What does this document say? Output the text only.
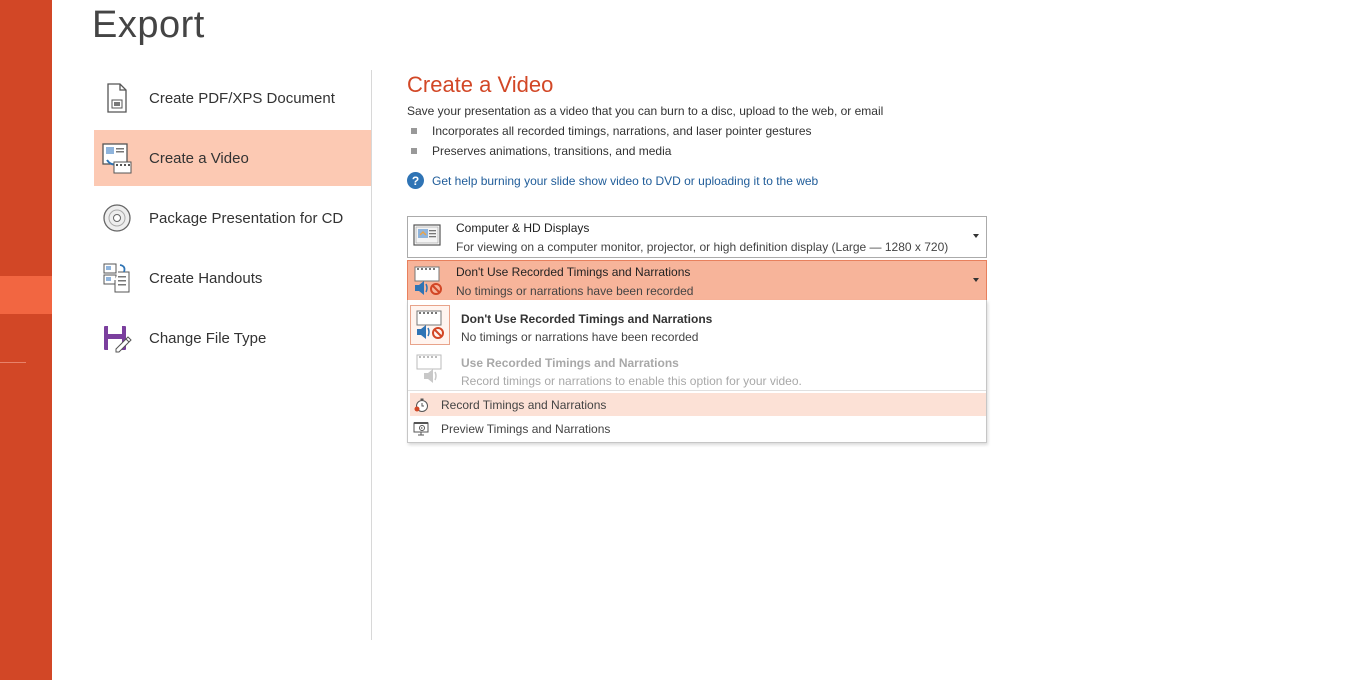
Export
Create PDF/XPS Document
Create a Video
Package Presentation for CD
Create Handouts
Change File Type
Create a Video
Save your presentation as a video that you can burn to a disc, upload to the web, or email
Incorporates all recorded timings, narrations, and laser pointer gestures
Preserves animations, transitions, and media
?	Get help burning your slide show video to DVD or uploading it to the web
Computer & HD Displays
For viewing on a computer monitor, projector, or high definition display (Large — 1280 x 720)
Don't Use Recorded Timings and Narrations
No timings or narrations have been recorded
Don't Use Recorded Timings and Narrations
No timings or narrations have been recorded
Use Recorded Timings and Narrations
Record timings or narrations to enable this option for your video.
Record Timings and Narrations
Preview Timings and Narrations
